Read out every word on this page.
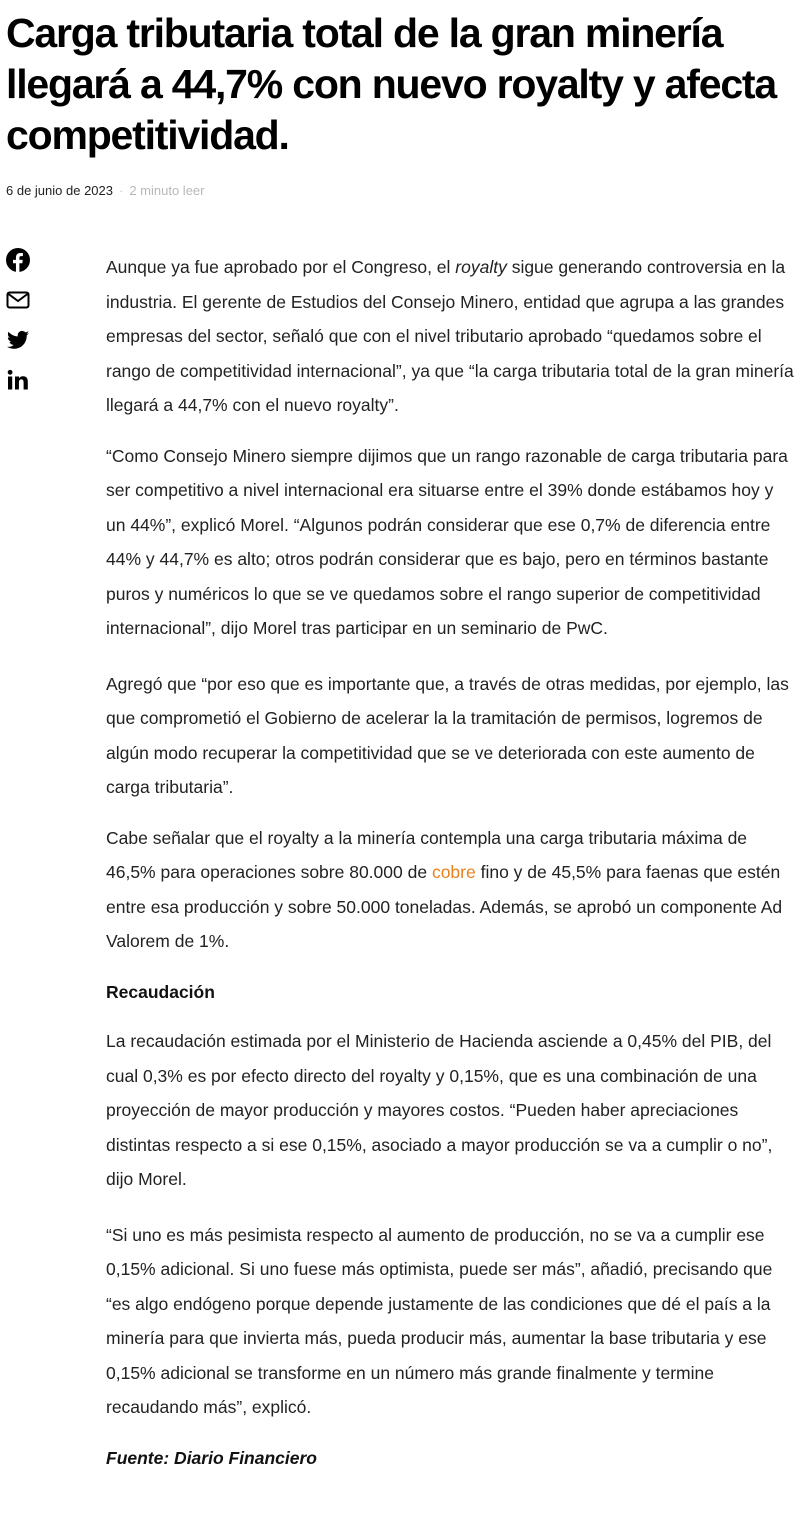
Carga tributaria total de la gran minería llegará a 44,7% con nuevo royalty y afecta competitividad.
6 de junio de 2023 · 2 minuto leer

Aunque ya fue aprobado por el Congreso, el royalty sigue generando controversia en la industria. El gerente de Estudios del Consejo Minero, entidad que agrupa a las grandes empresas del sector, señaló que con el nivel tributario aprobado “quedamos sobre el rango de competitividad internacional”, ya que “la carga tributaria total de la gran minería llegará a 44,7% con el nuevo royalty”.

“Como Consejo Minero siempre dijimos que un rango razonable de carga tributaria para ser competitivo a nivel internacional era situarse entre el 39% donde estábamos hoy y un 44%”, explicó Morel. “Algunos podrán considerar que ese 0,7% de diferencia entre 44% y 44,7% es alto; otros podrán considerar que es bajo, pero en términos bastante puros y numéricos lo que se ve quedamos sobre el rango superior de competitividad internacional”, dijo Morel tras participar en un seminario de PwC.

Agregó que “por eso que es importante que, a través de otras medidas, por ejemplo, las que comprometió el Gobierno de acelerar la la tramitación de permisos, logremos de algún modo recuperar la competitividad que se ve deteriorada con este aumento de carga tributaria”.

Cabe señalar que el royalty a la minería contempla una carga tributaria máxima de 46,5% para operaciones sobre 80.000 de cobre fino y de 45,5% para faenas que estén entre esa producción y sobre 50.000 toneladas. Además, se aprobó un componente Ad Valorem de 1%.

Recaudación

La recaudación estimada por el Ministerio de Hacienda asciende a 0,45% del PIB, del cual 0,3% es por efecto directo del royalty y 0,15%, que es una combinación de una proyección de mayor producción y mayores costos. “Pueden haber apreciaciones distintas respecto a si ese 0,15%, asociado a mayor producción se va a cumplir o no”, dijo Morel.

“Si uno es más pesimista respecto al aumento de producción, no se va a cumplir ese 0,15% adicional. Si uno fuese más optimista, puede ser más”, añadió, precisando que “es algo endógeno porque depende justamente de las condiciones que dé el país a la minería para que invierta más, pueda producir más, aumentar la base tributaria y ese 0,15% adicional se transforme en un número más grande finalmente y termine recaudando más”, explicó.

Fuente: Diario Financiero
